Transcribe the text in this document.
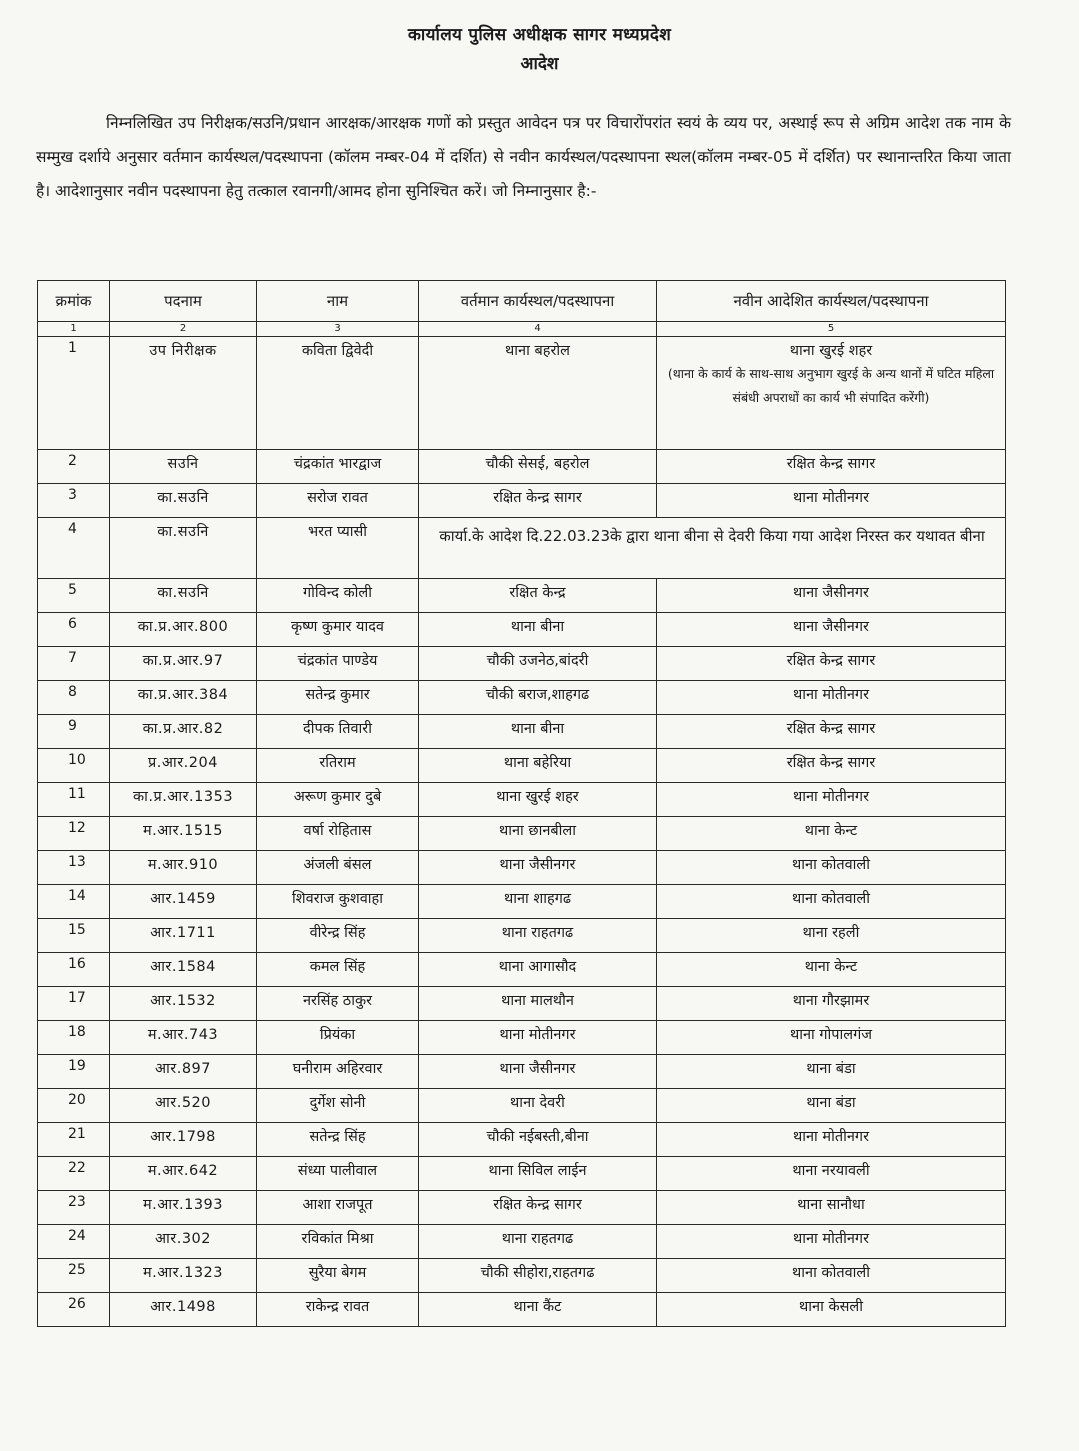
कार्यालय पुलिस अधीक्षक सागर मध्यप्रदेश
आदेश
निम्नलिखित उप निरीक्षक/सउनि/प्रधान आरक्षक/आरक्षक गणों को प्रस्तुत आवेदन पत्र पर विचारोंपरांत स्वयं के व्यय पर, अस्थाई रूप से अग्रिम आदेश तक नाम के सम्मुख दर्शाये अनुसार वर्तमान कार्यस्थल/पदस्थापना (कॉलम नम्बर-04 में दर्शित) से नवीन कार्यस्थल/पदस्थापना स्थल(कॉलम नम्बर-05 में दर्शित) पर स्थानान्तरित किया जाता है। आदेशानुसार नवीन पदस्थापना हेतु तत्काल रवानगी/आमद होना सुनिश्चित करें। जो निम्नानुसार है:-
क्रमांक	पदनाम	नाम	वर्तमान कार्यस्थल/पदस्थापना	नवीन आदेशित कार्यस्थल/पदस्थापना
1	2	3	4	5
1	उप निरीक्षक	कविता द्विवेदी	थाना बहरोल	थाना खुरई शहर
(थाना के कार्य के साथ-साथ अनुभाग खुरई के अन्य थानों में घटित महिला संबंधी अपराधों का कार्य भी संपादित करेंगी)

2	सउनि	चंद्रकांत भारद्वाज	चौकी सेसई, बहरोल	रक्षित केन्द्र सागर
3	का.सउनि	सरोज रावत	रक्षित केन्द्र सागर	थाना मोतीनगर
4	का.सउनि	भरत प्यासी	कार्या.के आदेश दि.22.03.23के द्वारा थाना बीना से देवरी किया गया आदेश निरस्त कर यथावत बीना	
5	का.सउनि	गोविन्द कोली	रक्षित केन्द्र	थाना जैसीनगर
6	का.प्र.आर.800	कृष्ण कुमार यादव	थाना बीना	थाना जैसीनगर
7	का.प्र.आर.97	चंद्रकांत पाण्डेय	चौकी उजनेठ,बांदरी	रक्षित केन्द्र सागर
8	का.प्र.आर.384	सतेन्द्र कुमार	चौकी बराज,शाहगढ	थाना मोतीनगर
9	का.प्र.आर.82	दीपक तिवारी	थाना बीना	रक्षित केन्द्र सागर
10	प्र.आर.204	रतिराम	थाना बहेरिया	रक्षित केन्द्र सागर
11	का.प्र.आर.1353	अरूण कुमार दुबे	थाना खुरई शहर	थाना मोतीनगर
12	म.आर.1515	वर्षा रोहितास	थाना छानबीला	थाना केन्ट
13	म.आर.910	अंजली बंसल	थाना जैसीनगर	थाना कोतवाली
14	आर.1459	शिवराज कुशवाहा	थाना शाहगढ	थाना कोतवाली
15	आर.1711	वीरेन्द्र सिंह	थाना राहतगढ	थाना रहली
16	आर.1584	कमल सिंह	थाना आगासौद	थाना केन्ट
17	आर.1532	नरसिंह ठाकुर	थाना मालथौन	थाना गौरझामर
18	म.आर.743	प्रियंका	थाना मोतीनगर	थाना गोपालगंज
19	आर.897	घनीराम अहिरवार	थाना जैसीनगर	थाना बंडा
20	आर.520	दुर्गेश सोनी	थाना देवरी	थाना बंडा
21	आर.1798	सतेन्द्र सिंह	चौकी नईबस्ती,बीना	थाना मोतीनगर
22	म.आर.642	संध्या पालीवाल	थाना सिविल लाईन	थाना नरयावली
23	म.आर.1393	आशा राजपूत	रक्षित केन्द्र सागर	थाना सानौधा
24	आर.302	रविकांत मिश्रा	थाना राहतगढ	थाना मोतीनगर
25	म.आर.1323	सुरैया बेगम	चौकी सीहोरा,राहतगढ	थाना कोतवाली
26	आर.1498	राकेन्द्र रावत	थाना कैंट	थाना केसली
